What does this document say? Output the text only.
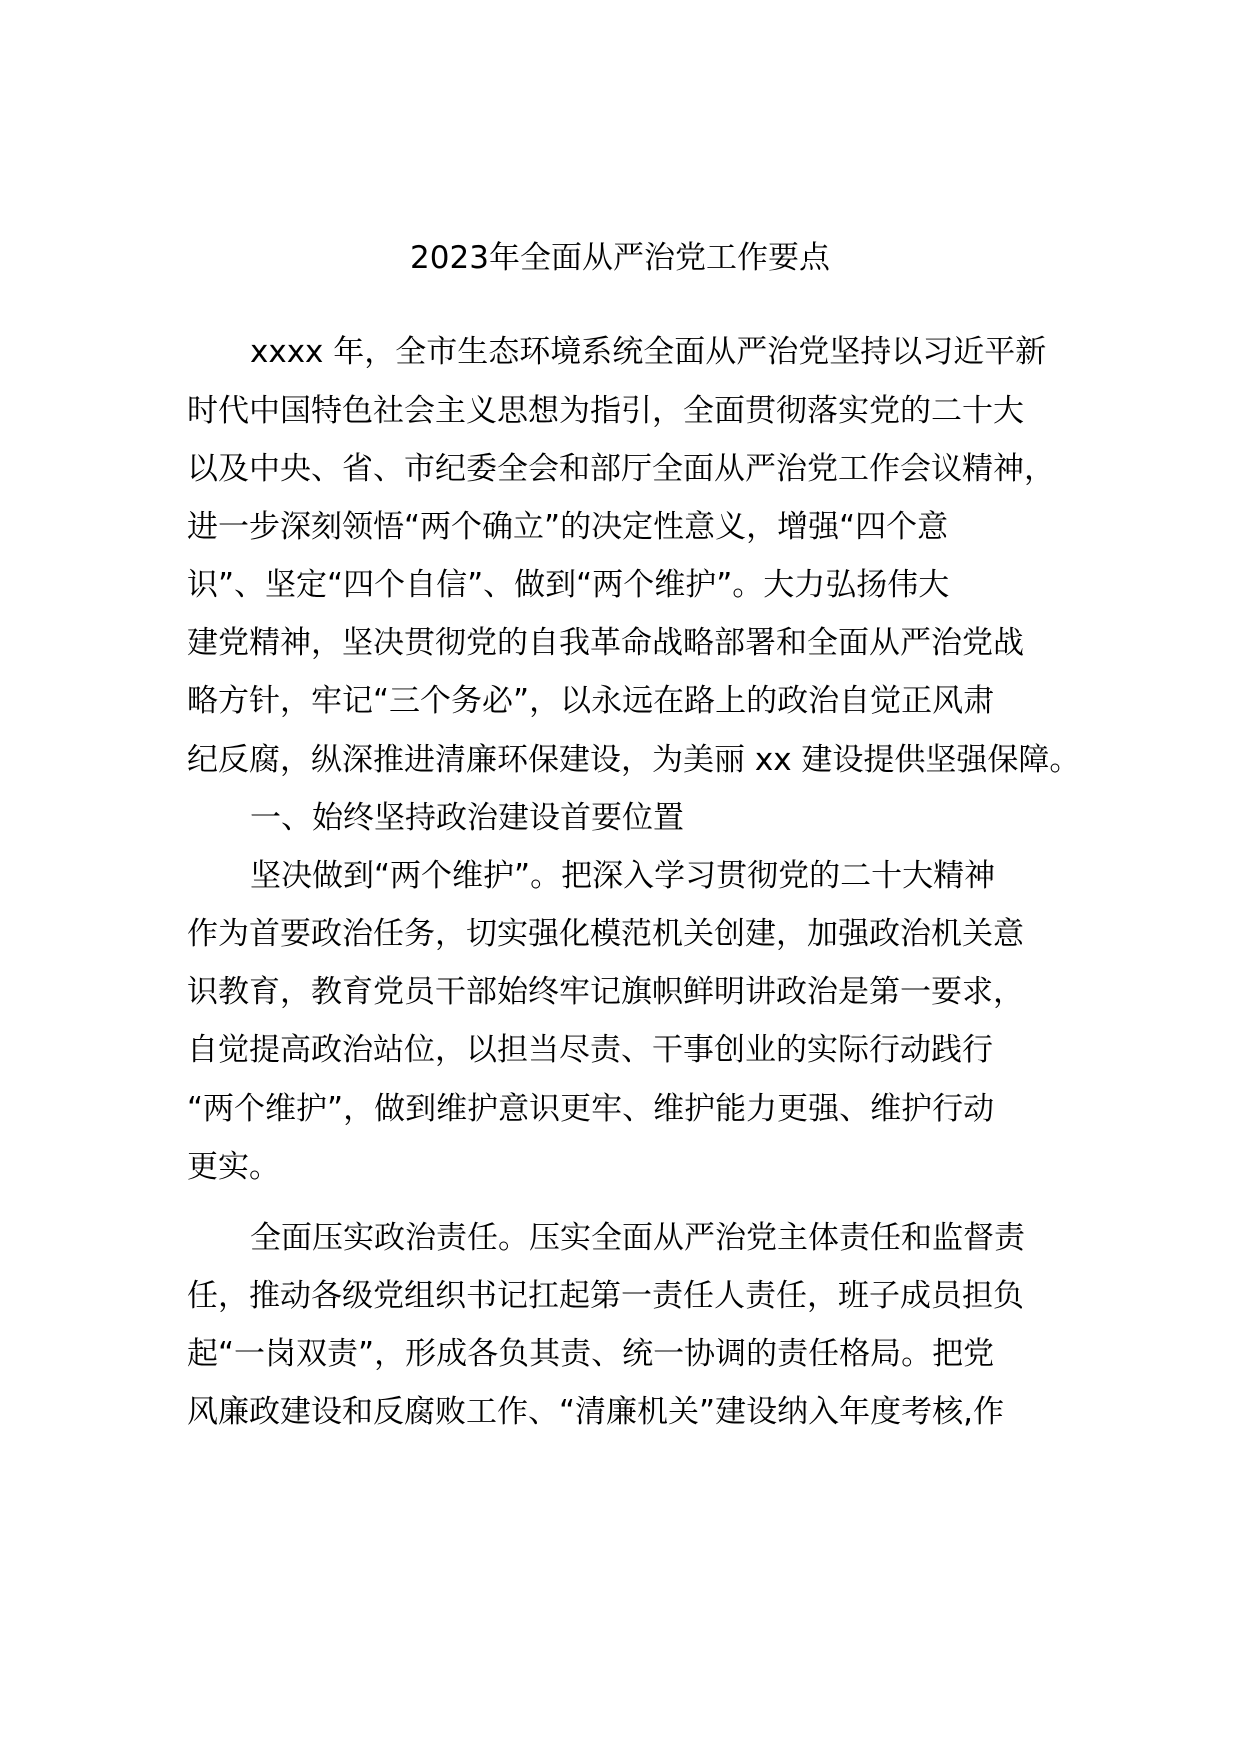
2023年全面从严治党工作要点
xxxx 年，全市生态环境系统全面从严治党坚持以习近平新
时代中国特色社会主义思想为指引，全面贯彻落实党的二十大
以及中央、省、市纪委全会和部厅全面从严治党工作会议精神，
进一步深刻领悟“两个确立”的决定性意义，增强“四个意
识”、坚定“四个自信”、做到“两个维护”。大力弘扬伟大
建党精神，坚决贯彻党的自我革命战略部署和全面从严治党战
略方针，牢记“三个务必”，以永远在路上的政治自觉正风肃
纪反腐，纵深推进清廉环保建设，为美丽 xx 建设提供坚强保障。
一、始终坚持政治建设首要位置
坚决做到“两个维护”。把深入学习贯彻党的二十大精神
作为首要政治任务，切实强化模范机关创建，加强政治机关意
识教育，教育党员干部始终牢记旗帜鲜明讲政治是第一要求，
自觉提高政治站位，以担当尽责、干事创业的实际行动践行
“两个维护”，做到维护意识更牢、维护能力更强、维护行动
更实。
全面压实政治责任。压实全面从严治党主体责任和监督责
任，推动各级党组织书记扛起第一责任人责任，班子成员担负
起“一岗双责”，形成各负其责、统一协调的责任格局。把党
风廉政建设和反腐败工作、“清廉机关”建设纳入年度考核,作
